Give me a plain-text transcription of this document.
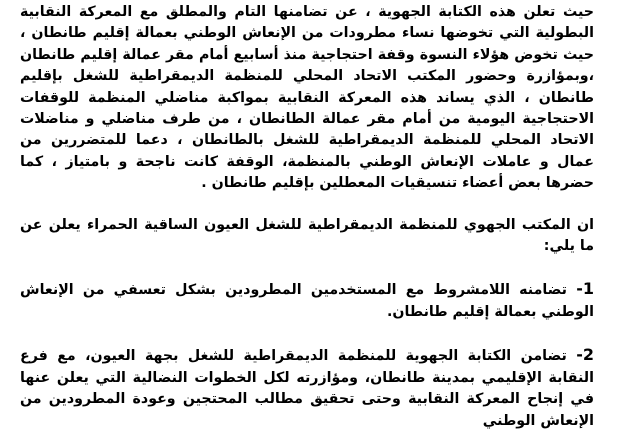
حيث تعلن هذه الكتابة الجهوية ، عن تضامنها التام والمطلق مع المعركة النقابية البطولية التي تخوضها نساء مطرودات من الإنعاش الوطني بعمالة إقليم طانطان ، حيث تخوض هؤلاء النسوة وقفة احتجاجية منذ أسابيع أمام مقر عمالة إقليم طانطان ،وبمؤازرة وحضور المكتب الاتحاد المحلي للمنظمة الديمقراطية للشغل بإقليم طانطان ، الذي يساند هذه المعركة النقابية بمواكبة مناضلي المنظمة للوقفات الاحتجاجية اليومية من أمام مقر عمالة الطانطان ، من طرف مناضلي و مناضلات الاتحاد المحلي للمنظمة الديمقراطية للشغل بالطانطان ، دعما للمتضررين من عمال و عاملات الإنعاش الوطني بالمنظمة، الوقفة كانت ناجحة و بامتياز ، كما حضرها بعض أعضاء تنسيقيات المعطلين بإقليم طانطان .

ان المكتب الجهوي للمنظمة الديمقراطية للشغل العيون الساقية الحمراء يعلن عن ما يلي:

1- تضامنه اللامشروط مع المستخدمين المطرودين بشكل تعسفي من الإنعاش الوطني بعمالة إقليم طانطان.

2- تضامن الكتابة الجهوية للمنظمة الديمقراطية للشغل بجهة العيون، مع فرع النقابة الإقليمي بمدينة طانطان، ومؤازرته لكل الخطوات النضالية التي يعلن عنها في إنجاح المعركة النقابية وحتى تحقيق مطالب المحتجين وعودة المطرودين من الإنعاش الوطني
